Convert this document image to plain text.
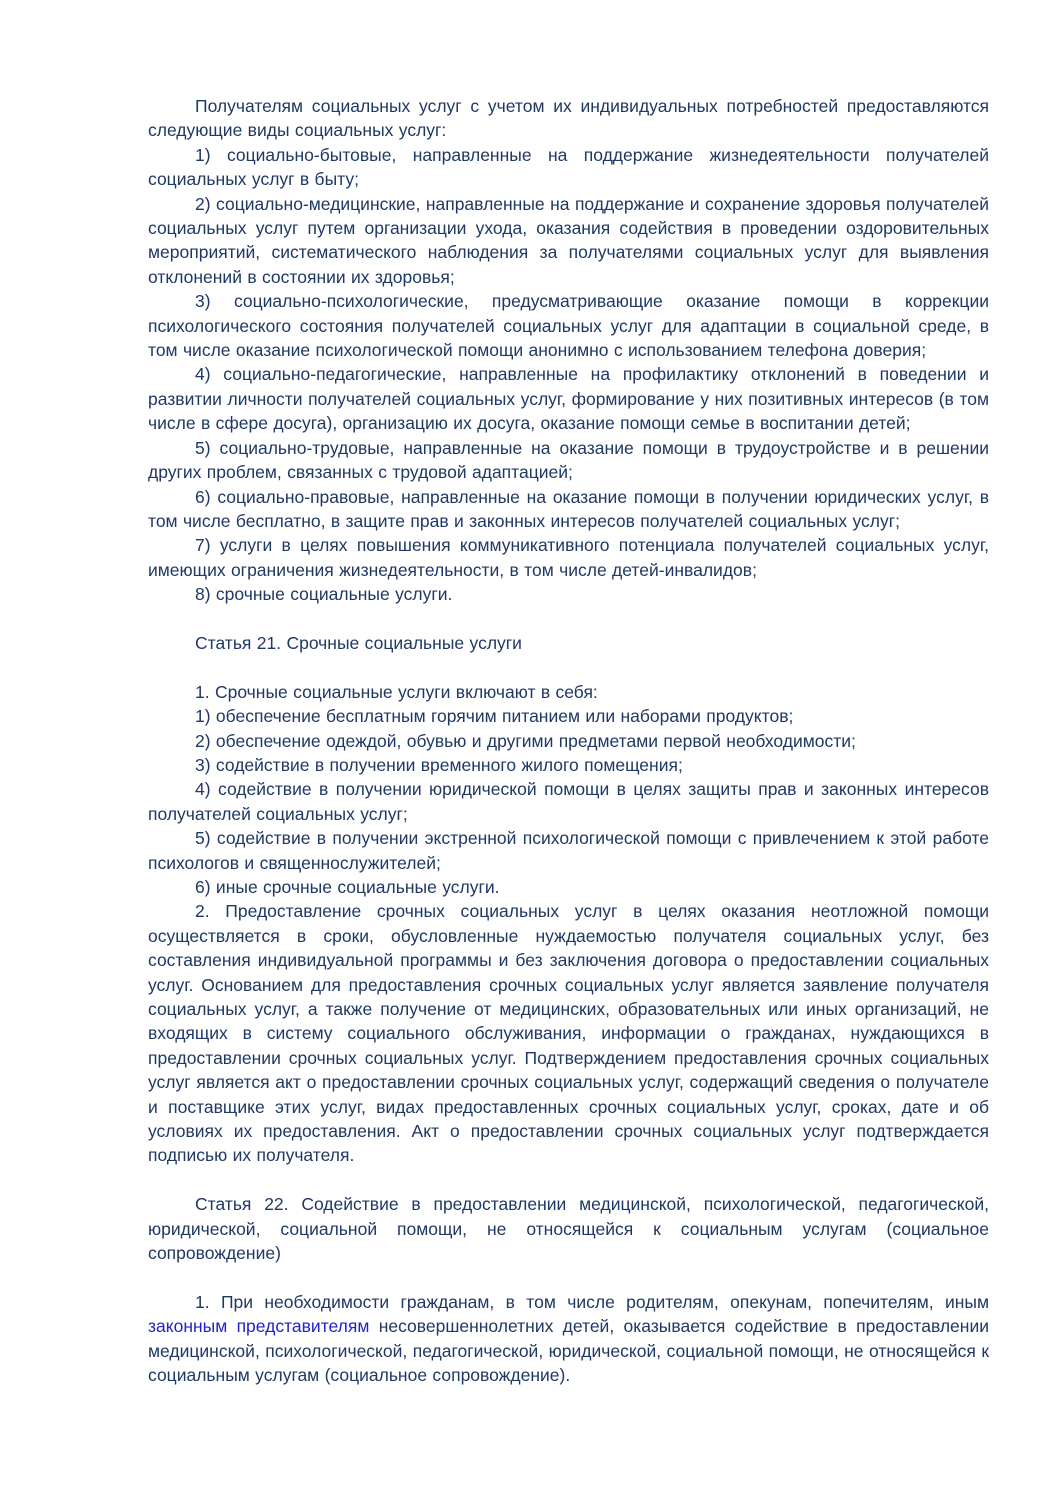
Получателям социальных услуг с учетом их индивидуальных потребностей предоставляются следующие виды социальных услуг:

1) социально-бытовые, направленные на поддержание жизнедеятельности получателей социальных услуг в быту;

2) социально-медицинские, направленные на поддержание и сохранение здоровья получателей социальных услуг путем организации ухода, оказания содействия в проведении оздоровительных мероприятий, систематического наблюдения за получателями социальных услуг для выявления отклонений в состоянии их здоровья;

3) социально-психологические, предусматривающие оказание помощи в коррекции психологического состояния получателей социальных услуг для адаптации в социальной среде, в том числе оказание психологической помощи анонимно с использованием телефона доверия;

4) социально-педагогические, направленные на профилактику отклонений в поведении и развитии личности получателей социальных услуг, формирование у них позитивных интересов (в том числе в сфере досуга), организацию их досуга, оказание помощи семье в воспитании детей;

5) социально-трудовые, направленные на оказание помощи в трудоустройстве и в решении других проблем, связанных с трудовой адаптацией;

6) социально-правовые, направленные на оказание помощи в получении юридических услуг, в том числе бесплатно, в защите прав и законных интересов получателей социальных услуг;

7) услуги в целях повышения коммуникативного потенциала получателей социальных услуг, имеющих ограничения жизнедеятельности, в том числе детей-инвалидов;

8) срочные социальные услуги.

Статья 21. Срочные социальные услуги

1. Срочные социальные услуги включают в себя:

1) обеспечение бесплатным горячим питанием или наборами продуктов;

2) обеспечение одеждой, обувью и другими предметами первой необходимости;

3) содействие в получении временного жилого помещения;

4) содействие в получении юридической помощи в целях защиты прав и законных интересов получателей социальных услуг;

5) содействие в получении экстренной психологической помощи с привлечением к этой работе психологов и священнослужителей;

6) иные срочные социальные услуги.

2. Предоставление срочных социальных услуг в целях оказания неотложной помощи осуществляется в сроки, обусловленные нуждаемостью получателя социальных услуг, без составления индивидуальной программы и без заключения договора о предоставлении социальных услуг. Основанием для предоставления срочных социальных услуг является заявление получателя социальных услуг, а также получение от медицинских, образовательных или иных организаций, не входящих в систему социального обслуживания, информации о гражданах, нуждающихся в предоставлении срочных социальных услуг. Подтверждением предоставления срочных социальных услуг является акт о предоставлении срочных социальных услуг, содержащий сведения о получателе и поставщике этих услуг, видах предоставленных срочных социальных услуг, сроках, дате и об условиях их предоставления. Акт о предоставлении срочных социальных услуг подтверждается подписью их получателя.

Статья 22. Содействие в предоставлении медицинской, психологической, педагогической, юридической, социальной помощи, не относящейся к социальным услугам (социальное сопровождение)

1. При необходимости гражданам, в том числе родителям, опекунам, попечителям, иным законным представителям несовершеннолетних детей, оказывается содействие в предоставлении медицинской, психологической, педагогической, юридической, социальной помощи, не относящейся к социальным услугам (социальное сопровождение).
